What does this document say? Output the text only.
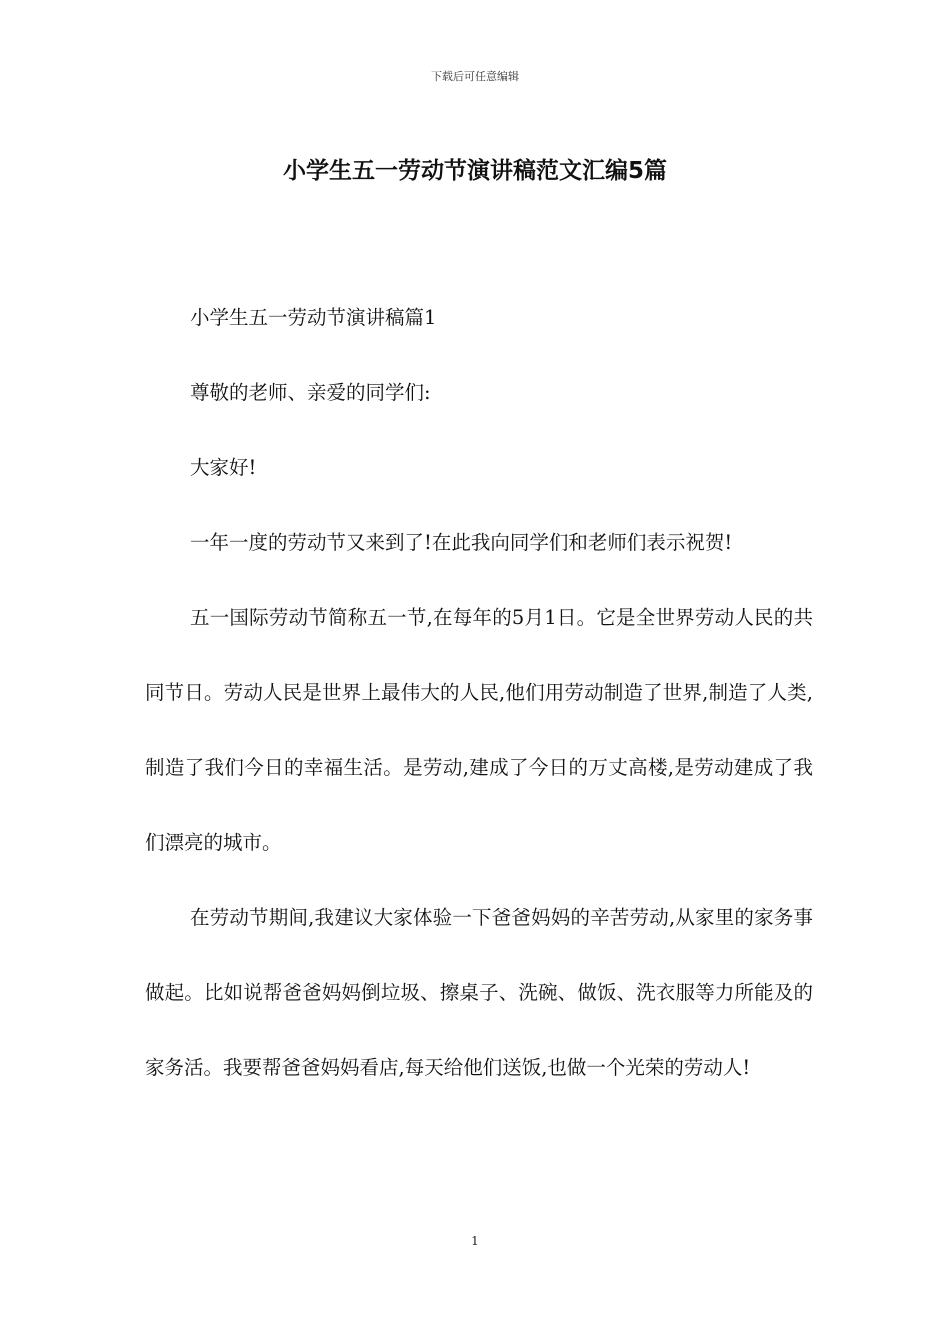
下载后可任意编辑
小学生五一劳动节演讲稿范文汇编5篇

小学生五一劳动节演讲稿篇1

尊敬的老师、亲爱的同学们:

大家好!

一年一度的劳动节又来到了!在此我向同学们和老师们表示祝贺!

五一国际劳动节简称五一节,在每年的5月1日。它是全世界劳动人民的共同节日。劳动人民是世界上最伟大的人民,他们用劳动制造了世界,制造了人类,制造了我们今日的幸福生活。是劳动,建成了今日的万丈高楼,是劳动建成了我们漂亮的城市。

在劳动节期间,我建议大家体验一下爸爸妈妈的辛苦劳动,从家里的家务事做起。比如说帮爸爸妈妈倒垃圾、擦桌子、洗碗、做饭、洗衣服等力所能及的家务活。我要帮爸爸妈妈看店,每天给他们送饭,也做一个光荣的劳动人!

1
